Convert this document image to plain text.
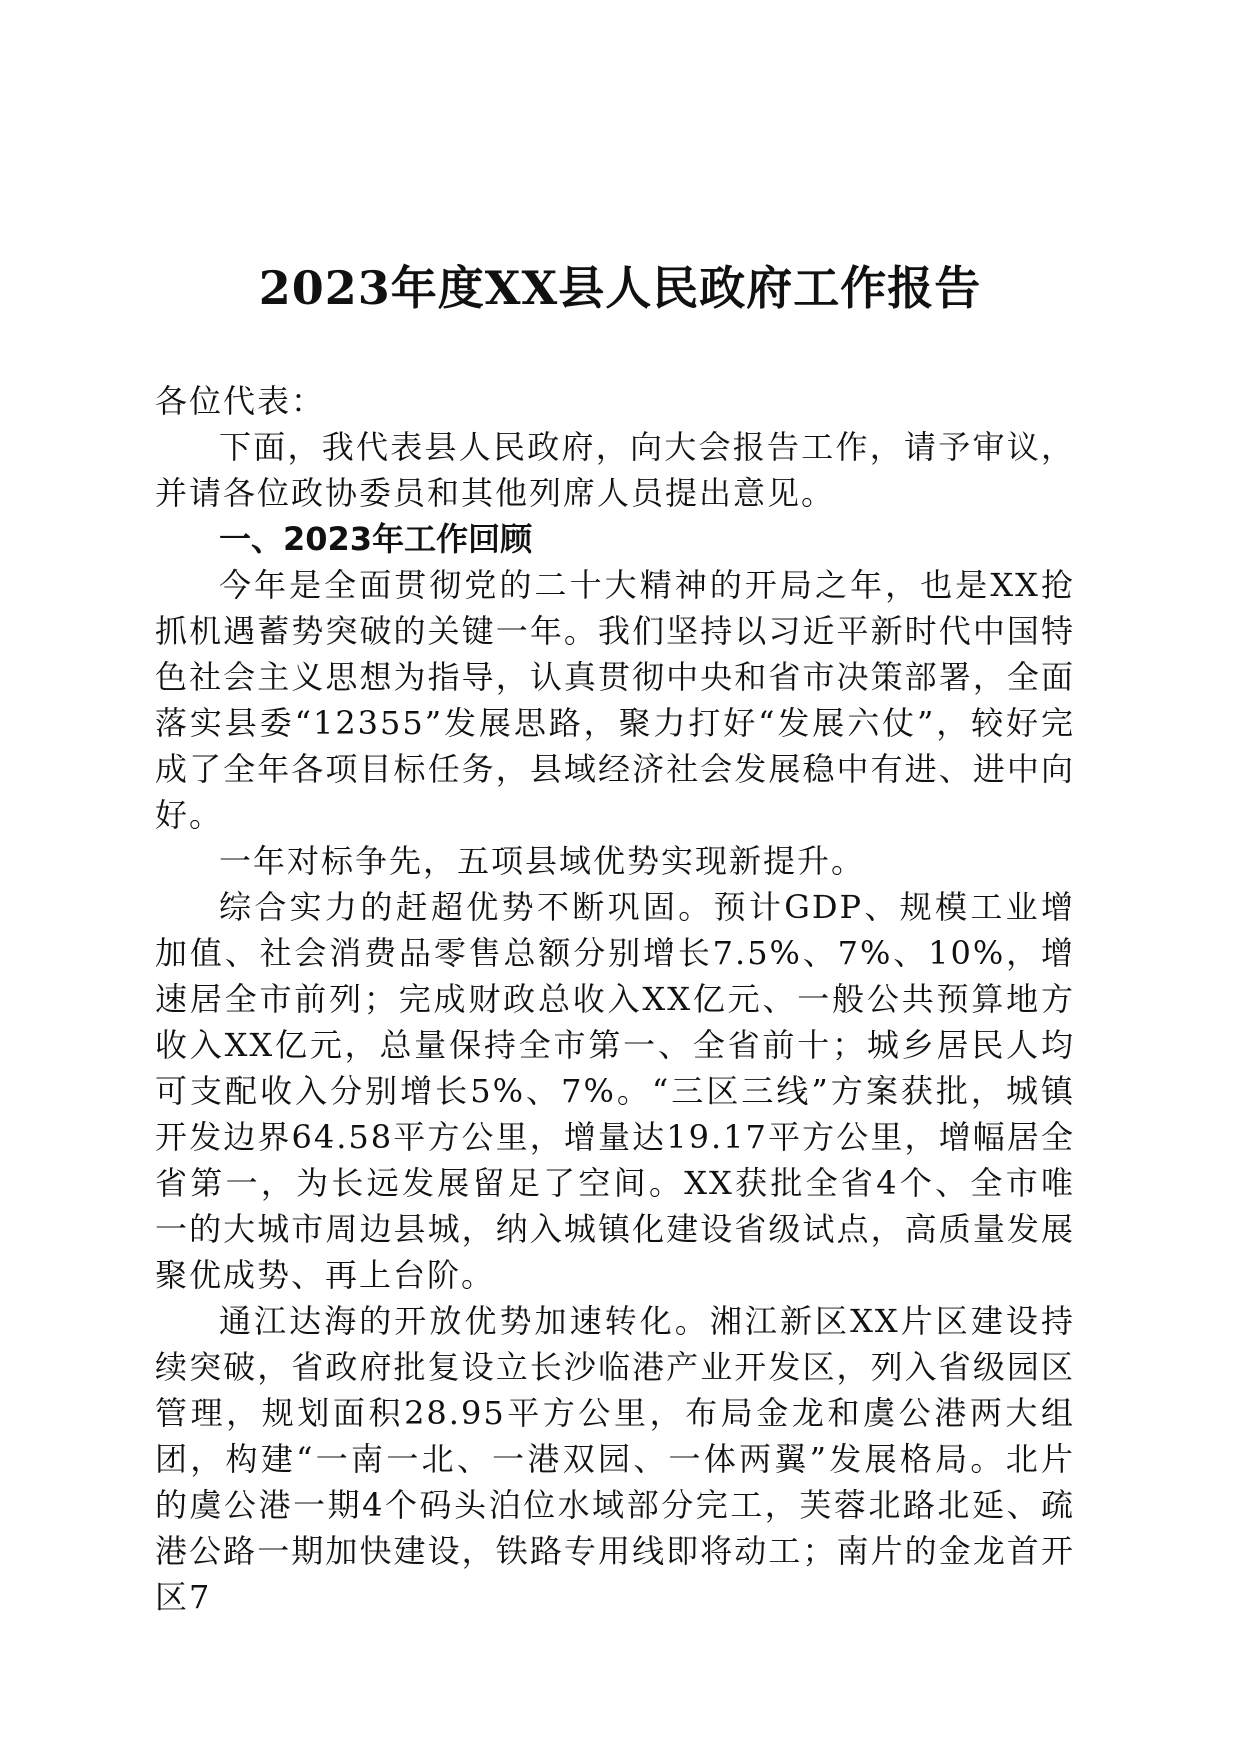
2023年度XX县人民政府工作报告

各位代表：

下面，我代表县人民政府，向大会报告工作，请予审议，并请各位政协委员和其他列席人员提出意见。

一、2023年工作回顾

今年是全面贯彻党的二十大精神的开局之年，也是XX抢抓机遇蓄势突破的关键一年。我们坚持以习近平新时代中国特色社会主义思想为指导，认真贯彻中央和省市决策部署，全面落实县委“12355”发展思路，聚力打好“发展六仗”，较好完成了全年各项目标任务，县域经济社会发展稳中有进、进中向好。

一年对标争先，五项县域优势实现新提升。

综合实力的赶超优势不断巩固。预计GDP、规模工业增加值、社会消费品零售总额分别增长7.5%、7%、10%，增速居全市前列；完成财政总收入XX亿元、一般公共预算地方收入XX亿元，总量保持全市第一、全省前十；城乡居民人均可支配收入分别增长5%、7%。“三区三线”方案获批，城镇开发边界64.58平方公里，增量达19.17平方公里，增幅居全省第一，为长远发展留足了空间。XX获批全省4个、全市唯一的大城市周边县城，纳入城镇化建设省级试点，高质量发展聚优成势、再上台阶。

通江达海的开放优势加速转化。湘江新区XX片区建设持续突破，省政府批复设立长沙临港产业开发区，列入省级园区管理，规划面积28.95平方公里，布局金龙和虞公港两大组团，构建“一南一北、一港双园、一体两翼”发展格局。北片的虞公港一期4个码头泊位水域部分完工，芙蓉北路北延、疏港公路一期加快建设，铁路专用线即将动工；南片的金龙首开区7
